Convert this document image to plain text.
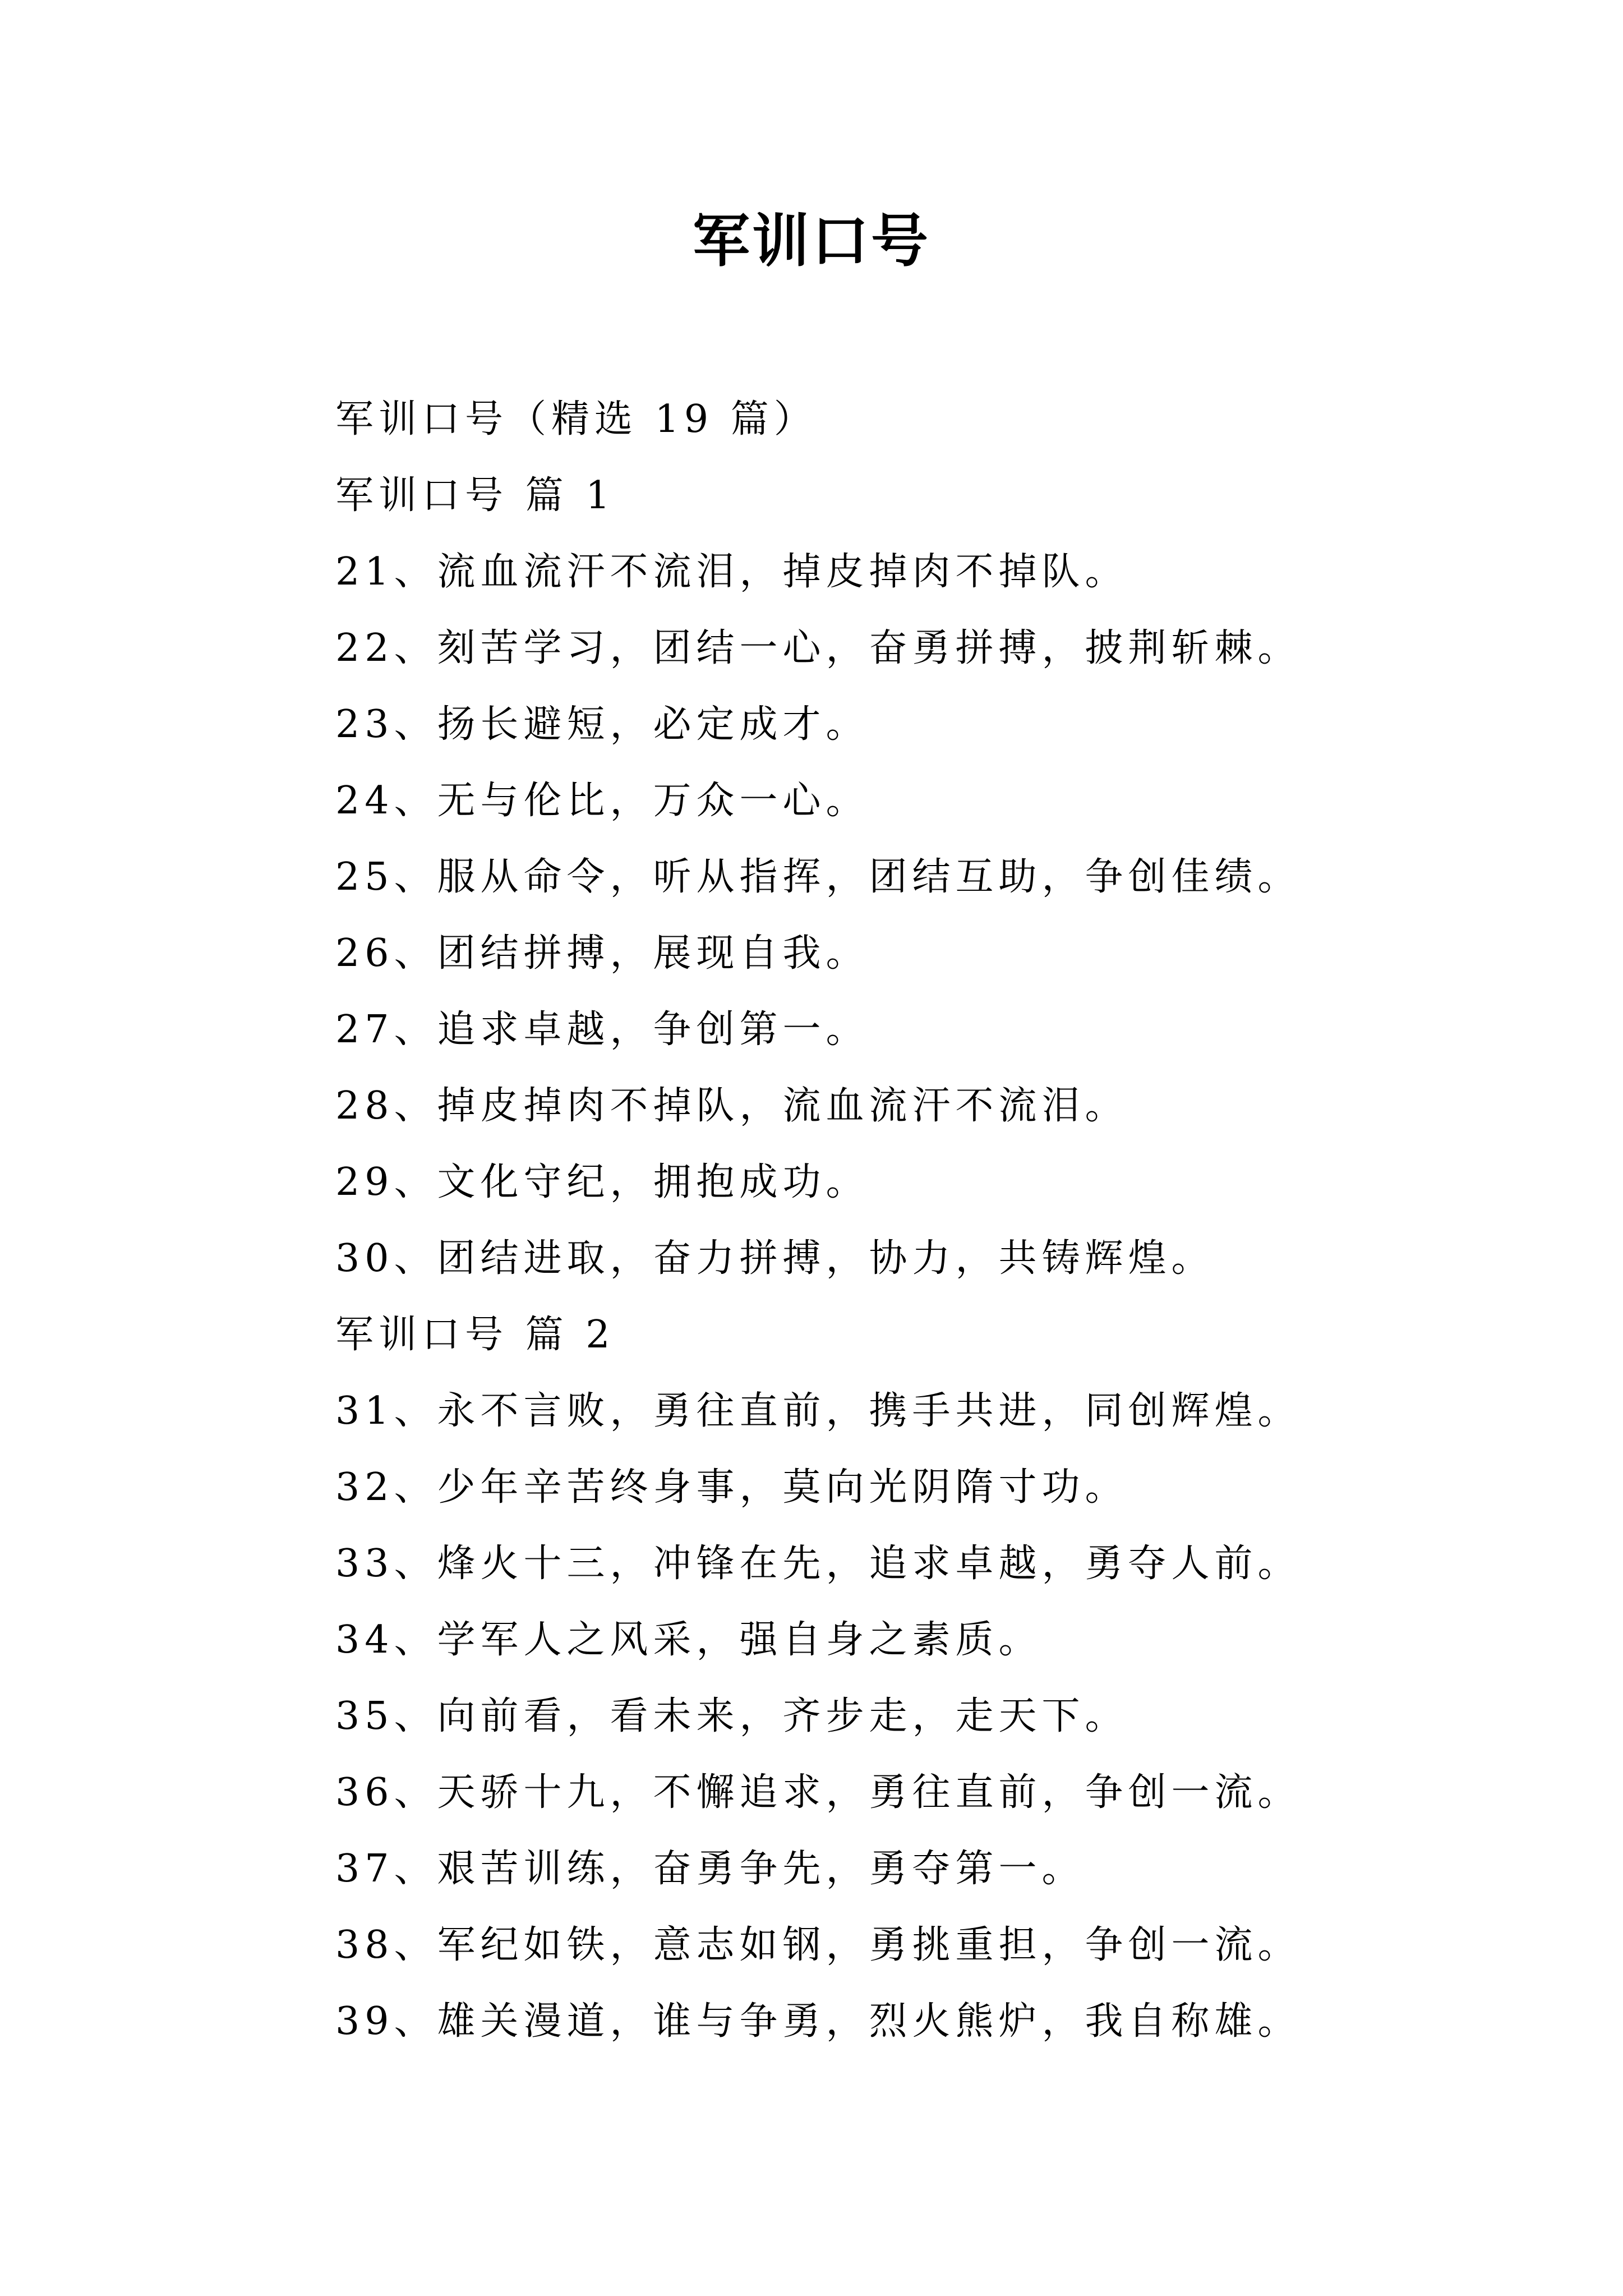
军训口号
军训口号（精选 19 篇）
军训口号 篇 1
21、流血流汗不流泪，掉皮掉肉不掉队。
22、刻苦学习，团结一心，奋勇拼搏，披荆斩棘。
23、扬长避短，必定成才。
24、无与伦比，万众一心。
25、服从命令，听从指挥，团结互助，争创佳绩。
26、团结拼搏，展现自我。
27、追求卓越，争创第一。
28、掉皮掉肉不掉队，流血流汗不流泪。
29、文化守纪，拥抱成功。
30、团结进取，奋力拼搏，协力，共铸辉煌。
军训口号 篇 2
31、永不言败，勇往直前，携手共进，同创辉煌。
32、少年辛苦终身事，莫向光阴隋寸功。
33、烽火十三，冲锋在先，追求卓越，勇夺人前。
34、学军人之风采，强自身之素质。
35、向前看，看未来，齐步走，走天下。
36、天骄十九，不懈追求，勇往直前，争创一流。
37、艰苦训练，奋勇争先，勇夺第一。
38、军纪如铁，意志如钢，勇挑重担，争创一流。
39、雄关漫道，谁与争勇，烈火熊炉，我自称雄。
